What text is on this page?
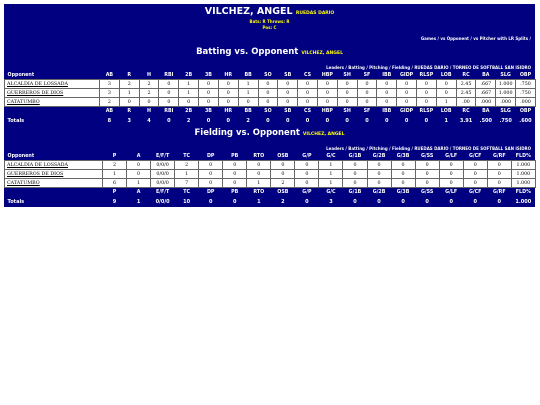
VILCHEZ, ANGEL RUEDAS DARIO
Bats: R Throws: R
Pos: C
Games / vs Opponent / vs Pitcher with LR Splits /
Batting vs. Opponent VILCHEZ, ANGEL
Leaders / Batting / Pitching / Fielding / RUEDAS DARIO / TORNEO DE SOFTBALL SAN ISIDRO
Opponent	AB	R	H	RBI	2B	3B	HR	BB	SO	SB	CS	HBP	SH	SF	IBB	GIDP	RLSP	LOB	RC	BA	SLG	OBP
ALCALDIA DE LOSSADA	3	2	2	0	1	0	0	1	0	0	0	0	0	0	0	0	0	0	2.45	.667	1.000	.750
GUERREROS DE DIOS	3	1	2	0	1	0	0	1	0	0	0	0	0	0	0	0	0	0	2.45	.667	1.000	.750
CATATUMBO	2	0	0	0	0	0	0	0	0	0	0	0	0	0	0	0	0	1	.00	.000	.000	.000
	AB	R	H	RBI	2B	3B	HR	BB	SO	SB	CS	HBP	SH	SF	IBB	GIDP	RLSP	LOB	RC	BA	SLG	OBP
Totals	8	3	4	0	2	0	0	2	0	0	0	0	0	0	0	0	0	1	3.91	.500	.750	.600
Fielding vs. Opponent VILCHEZ, ANGEL
Leaders / Batting / Pitching / Fielding / RUEDAS DARIO / TORNEO DE SOFTBALL SAN ISIDRO
Opponent	P	A	E/F/T	TC	DP	PB	RTO	OSB	G/P	G/C	G/1B	G/2B	G/3B	G/SS	G/LF	G/CF	G/RF	FLD%
ALCALDIA DE LOSSADA	2	0	0/0/0	2	0	0	0	0	0	1	0	0	0	0	0	0	0	1.000
GUERREROS DE DIOS	1	0	0/0/0	1	0	0	0	0	0	1	0	0	0	0	0	0	0	1.000
CATATUMBO	6	1	0/0/0	7	0	0	1	2	0	1	0	0	0	0	0	0	0	1.000
	P	A	E/F/T	TC	DP	PB	RTO	OSB	G/P	G/C	G/1B	G/2B	G/3B	G/SS	G/LF	G/CF	G/RF	FLD%
Totals	9	1	0/0/0	10	0	0	1	2	0	3	0	0	0	0	0	0	0	1.000
